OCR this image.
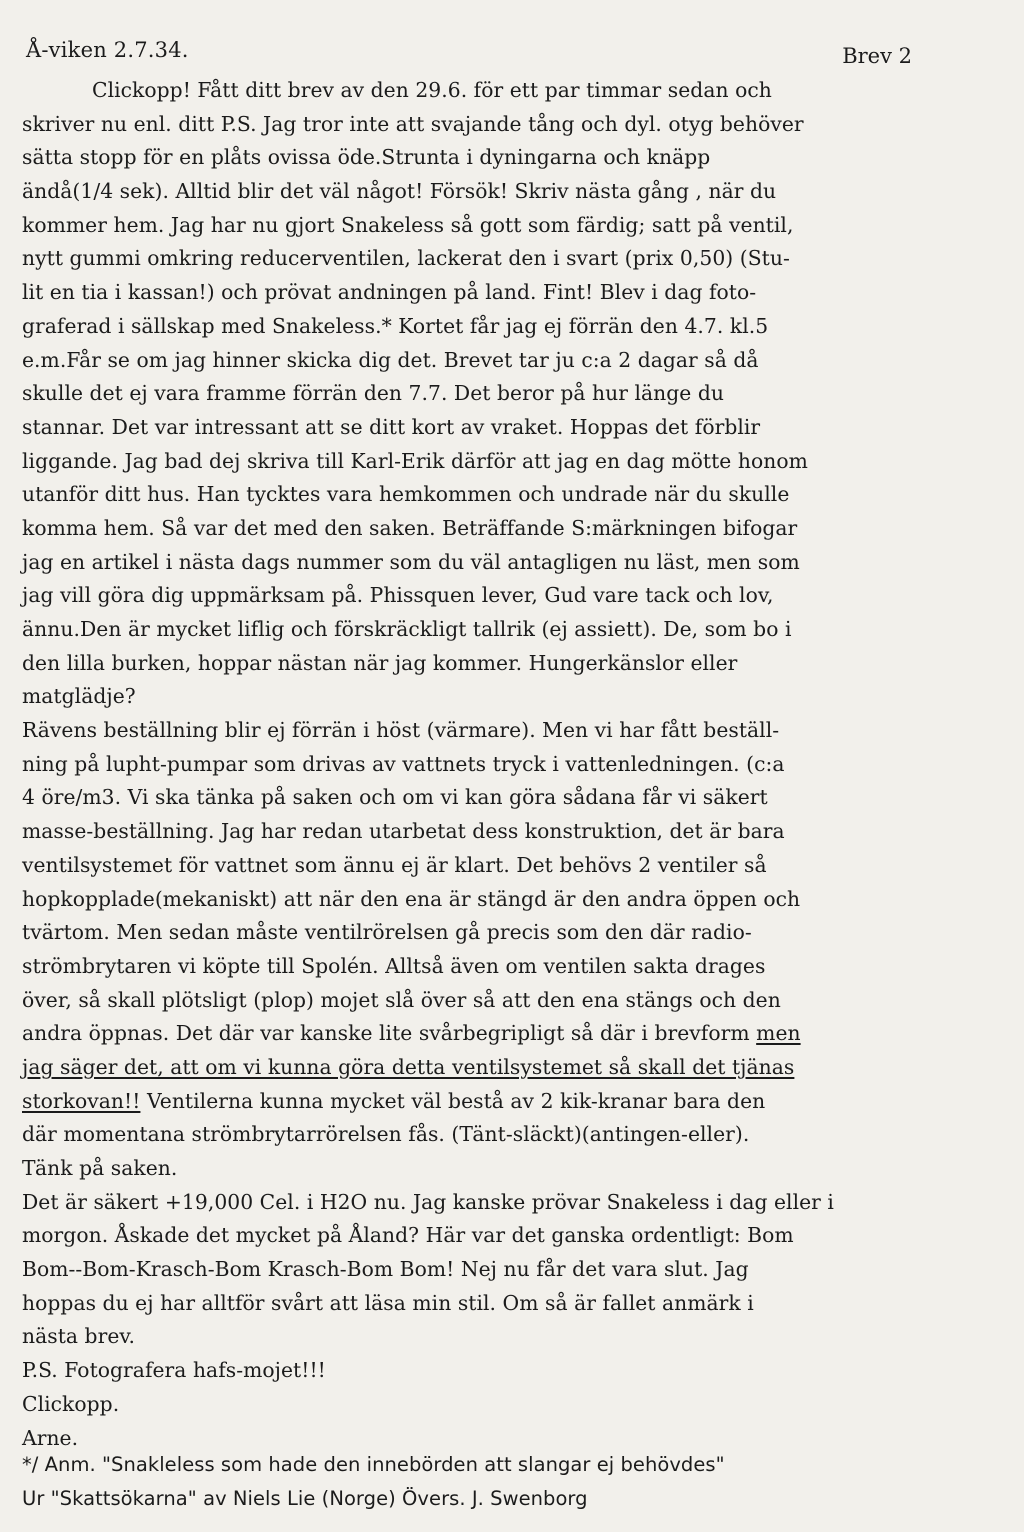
Å-viken 2.7.34.	Brev 2
Clickopp! Fått ditt brev av den 29.6. för ett par timmar sedan och
skriver nu enl. ditt P.S. Jag tror inte att svajande tång och dyl. otyg behöver
sätta stopp för en plåts ovissa öde.Strunta i dyningarna och knäpp
ändå(1/4 sek). Alltid blir det väl något! Försök! Skriv nästa gång , när du
kommer hem. Jag har nu gjort Snakeless så gott som färdig; satt på ventil,
nytt gummi omkring reducerventilen, lackerat den i svart (prix 0,50) (Stu-
lit en tia i kassan!) och prövat andningen på land. Fint! Blev i dag foto-
graferad i sällskap med Snakeless.* Kortet får jag ej förrän den 4.7. kl.5
e.m.Får se om jag hinner skicka dig det. Brevet tar ju c:a 2 dagar så då
skulle det ej vara framme förrän den 7.7. Det beror på hur länge du
stannar. Det var intressant att se ditt kort av vraket. Hoppas det förblir
liggande. Jag bad dej skriva till Karl-Erik därför att jag en dag mötte honom
utanför ditt hus. Han tycktes vara hemkommen och undrade när du skulle
komma hem. Så var det med den saken. Beträffande S:märkningen bifogar
jag en artikel i nästa dags nummer som du väl antagligen nu läst, men som
jag vill göra dig uppmärksam på. Phissquen lever, Gud vare tack och lov,
ännu.Den är mycket liflig och förskräckligt tallrik (ej assiett). De, som bo i
den lilla burken, hoppar nästan när jag kommer. Hungerkänslor eller
matglädje?
Rävens beställning blir ej förrän i höst (värmare). Men vi har fått beställ-
ning på lupht-pumpar som drivas av vattnets tryck i vattenledningen. (c:a
4 öre/m3. Vi ska tänka på saken och om vi kan göra sådana får vi säkert
masse-beställning. Jag har redan utarbetat dess konstruktion, det är bara
ventilsystemet för vattnet som ännu ej är klart. Det behövs 2 ventiler så
hopkopplade(mekaniskt) att när den ena är stängd är den andra öppen och
tvärtom. Men sedan måste ventilrörelsen gå precis som den där radio-
strömbrytaren vi köpte till Spolén. Alltså även om ventilen sakta drages
över, så skall plötsligt (plop) mojet slå över så att den ena stängs och den
andra öppnas. Det där var kanske lite svårbegripligt så där i brevform men
jag säger det, att om vi kunna göra detta ventilsystemet så skall det tjänas
storkovan!! Ventilerna kunna mycket väl bestå av 2 kik-kranar bara den
där momentana strömbrytarrörelsen fås. (Tänt-släckt)(antingen-eller).
Tänk på saken.
Det är säkert +19,000 Cel. i H2O nu. Jag kanske prövar Snakeless i dag eller i
morgon. Åskade det mycket på Åland? Här var det ganska ordentligt: Bom
Bom--Bom-Krasch-Bom Krasch-Bom Bom! Nej nu får det vara slut. Jag
hoppas du ej har alltför svårt att läsa min stil. Om så är fallet anmärk i
nästa brev.
P.S. Fotografera hafs-mojet!!!
Clickopp.
Arne.
*/ Anm. "Snakleless som hade den innebörden att slangar ej behövdes"
Ur "Skattsökarna" av Niels Lie (Norge) Övers. J. Swenborg
